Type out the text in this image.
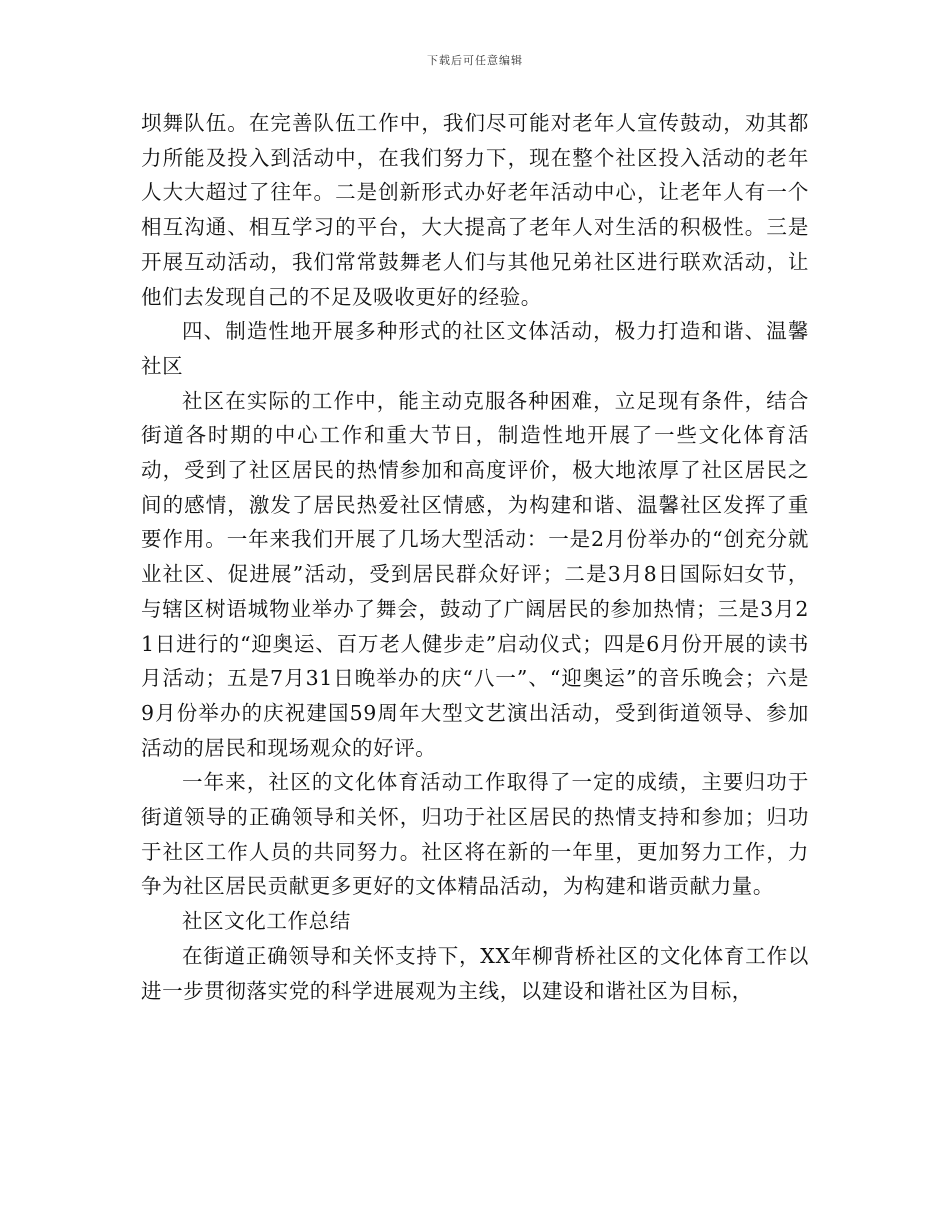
下载后可任意编辑

坝舞队伍。在完善队伍工作中，我们尽可能对老年人宣传鼓动，劝其都力所能及投入到活动中，在我们努力下，现在整个社区投入活动的老年人大大超过了往年。二是创新形式办好老年活动中心，让老年人有一个相互沟通、相互学习的平台，大大提高了老年人对生活的积极性。三是开展互动活动，我们常常鼓舞老人们与其他兄弟社区进行联欢活动，让他们去发现自己的不足及吸收更好的经验。

四、制造性地开展多种形式的社区文体活动，极力打造和谐、温馨社区

社区在实际的工作中，能主动克服各种困难，立足现有条件，结合街道各时期的中心工作和重大节日，制造性地开展了一些文化体育活动，受到了社区居民的热情参加和高度评价，极大地浓厚了社区居民之间的感情，激发了居民热爱社区情感，为构建和谐、温馨社区发挥了重要作用。一年来我们开展了几场大型活动：一是2月份举办的“创充分就业社区、促进展”活动，受到居民群众好评；二是3月8日国际妇女节，与辖区树语城物业举办了舞会，鼓动了广阔居民的参加热情；三是3月21日进行的“迎奥运、百万老人健步走”启动仪式；四是6月份开展的读书月活动；五是7月31日晚举办的庆“八一”、“迎奥运”的音乐晚会；六是9月份举办的庆祝建国59周年大型文艺演出活动，受到街道领导、参加活动的居民和现场观众的好评。

一年来，社区的文化体育活动工作取得了一定的成绩，主要归功于街道领导的正确领导和关怀，归功于社区居民的热情支持和参加；归功于社区工作人员的共同努力。社区将在新的一年里，更加努力工作，力争为社区居民贡献更多更好的文体精品活动，为构建和谐贡献力量。

社区文化工作总结

在街道正确领导和关怀支持下，XX年柳背桥社区的文化体育工作以进一步贯彻落实党的科学进展观为主线，以建设和谐社区为目标，
